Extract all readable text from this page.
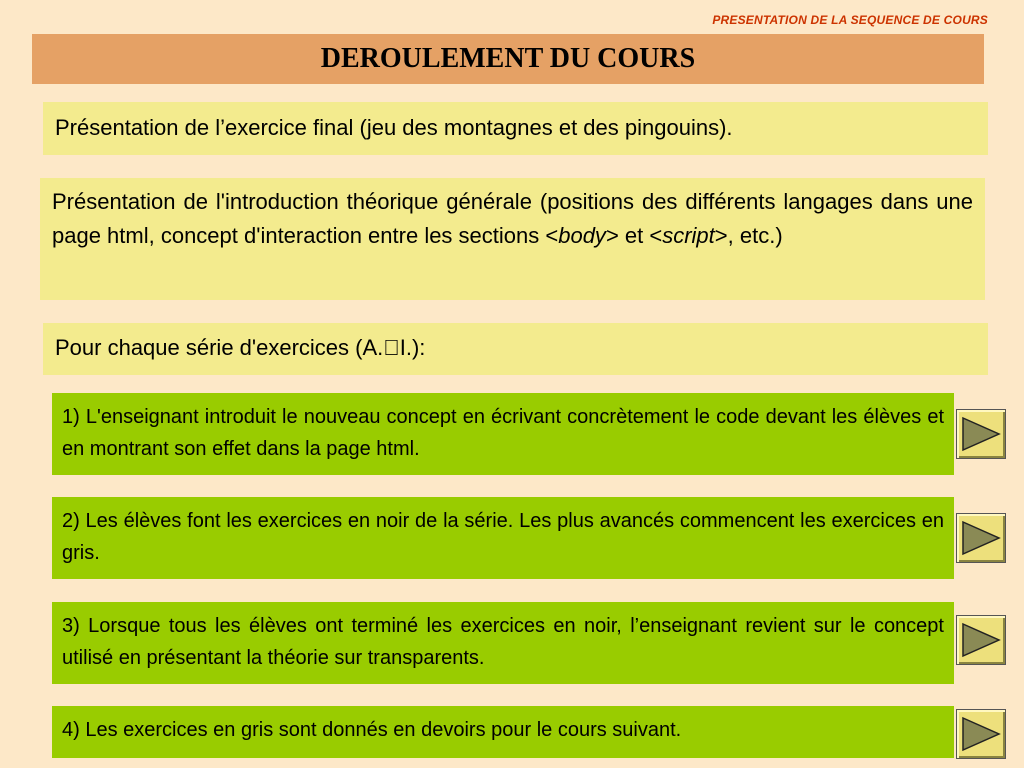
PRESENTATION DE LA SEQUENCE DE COURS
DEROULEMENT DU COURS
Présentation de l’exercice final (jeu des montagnes et des pingouins).
Présentation de l'introduction théorique générale (positions des différents langages dans une page html, concept d'interaction entre les sections <body> et <script>, etc.)
Pour chaque série d'exercices (A. I.):
1) L'enseignant introduit le nouveau concept en écrivant concrètement le code devant les élèves et en montrant son effet dans la page html.
2) Les élèves font les exercices en noir de la série. Les plus avancés commencent les exercices en gris.
3) Lorsque tous les élèves ont terminé les exercices en noir, l’enseignant revient sur le concept utilisé en présentant la théorie sur transparents.
4) Les exercices en gris sont donnés en devoirs pour le cours suivant.
